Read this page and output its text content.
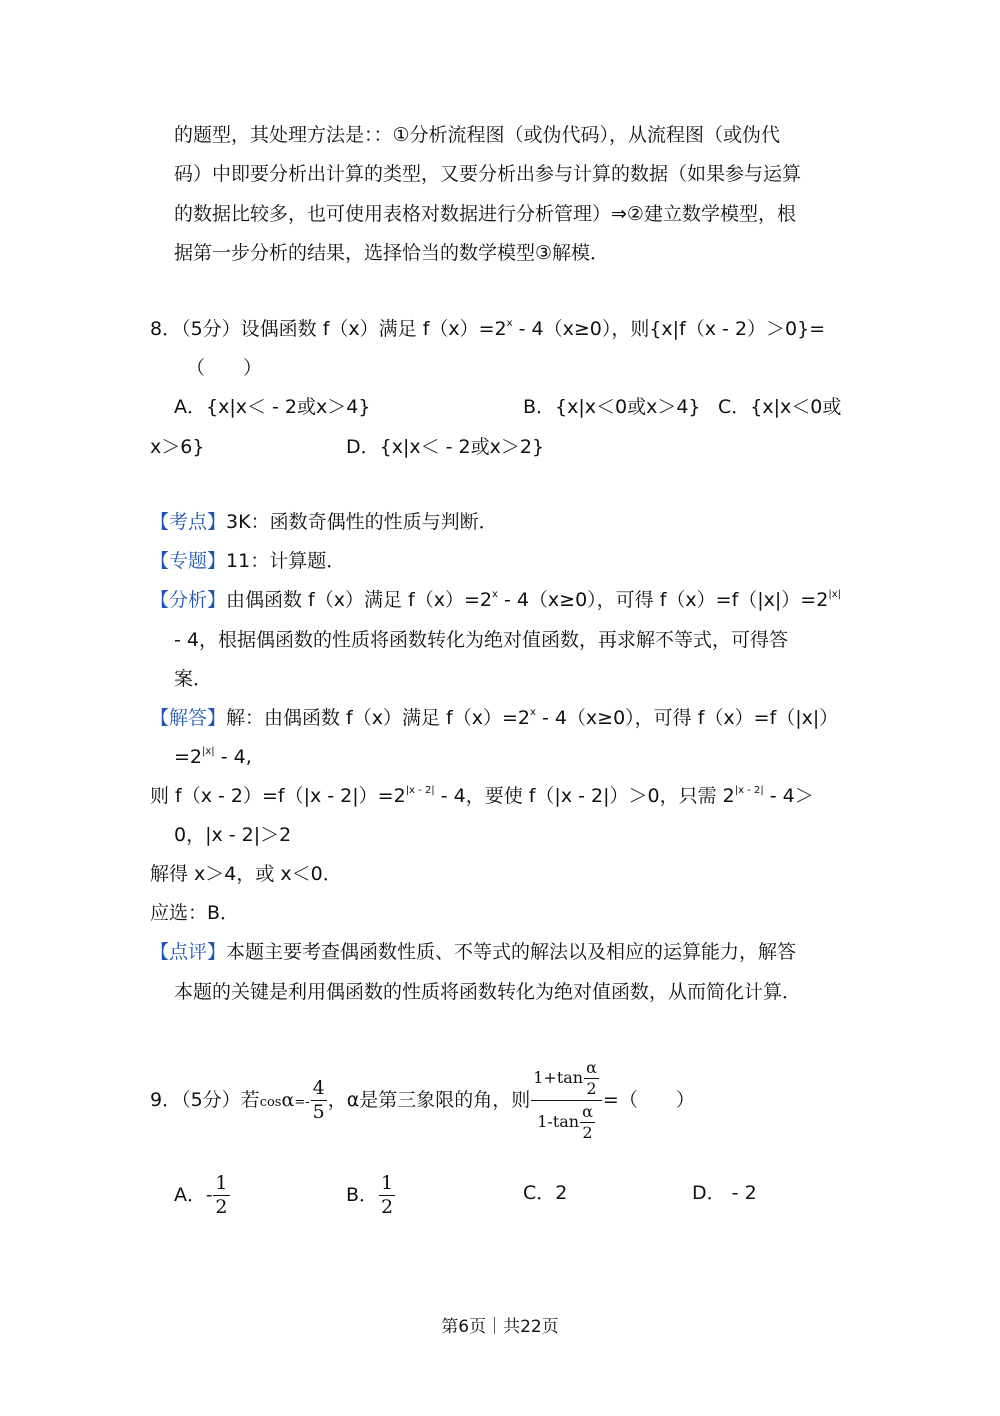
的题型，其处理方法是：：①分析流程图（或伪代码），从流程图（或伪代
码）中即要分析出计算的类型，又要分析出参与计算的数据（如果参与运算
的数据比较多，也可使用表格对数据进行分析管理）⇒②建立数学模型，根
据第一步分析的结果，选择恰当的数学模型③解模．
8．（5分）设偶函数 f（x）满足 $f(x)=2^x - 4(x\ge 0)$，则{x|f（x - 2）＞0}=
（　　）
A．{x|x＜ - 2或x＞4}	B．{x|x＜0或x＞4} C．{x|x＜0或
x＞6}	D．{x|x＜ - 2或x＞2}
【考点】3K：函数奇偶性的性质与判断．
【专题】11：计算题．
【分析】由偶函数 f（x）满足 $f(x)=2^x - 4(x\ge 0)$，可得 $f(x)=f(|x|)=2^{|x|}$
- 4，根据偶函数的性质将函数转化为绝对值函数，再求解不等式，可得答
案．
【解答】解：由偶函数 f（x）满足 $f(x)=2^x - 4(x\ge 0)$，可得 f（x）=f（|x|）
$=2^{|x|} - 4$,
则 $f(x - 2)=f(|x - 2|)=2^{|x - 2|} - 4$，要使 f（|x - 2|）＞0，只需 $2^{|x - 2|} - 4>$
0，|x - 2|＞2
解得 x＞4，或 x＜0．
应选：B．
【点评】本题主要考查偶函数性质、不等式的解法以及相应的运算能力，解答
本题的关键是利用偶函数的性质将函数转化为绝对值函数，从而简化计算．
9．（5分）若$\cos\alpha=- \frac{4}{5}$ ，α是第三象限的角，则 $\frac{1+\tan \frac{\alpha}{2}}{1-\tan \frac{\alpha}{2}}$ =（　　）
A．- $\frac{1}{2}$	B． $\frac{1}{2}$	C．2	D． - 2
第6页｜共22页
